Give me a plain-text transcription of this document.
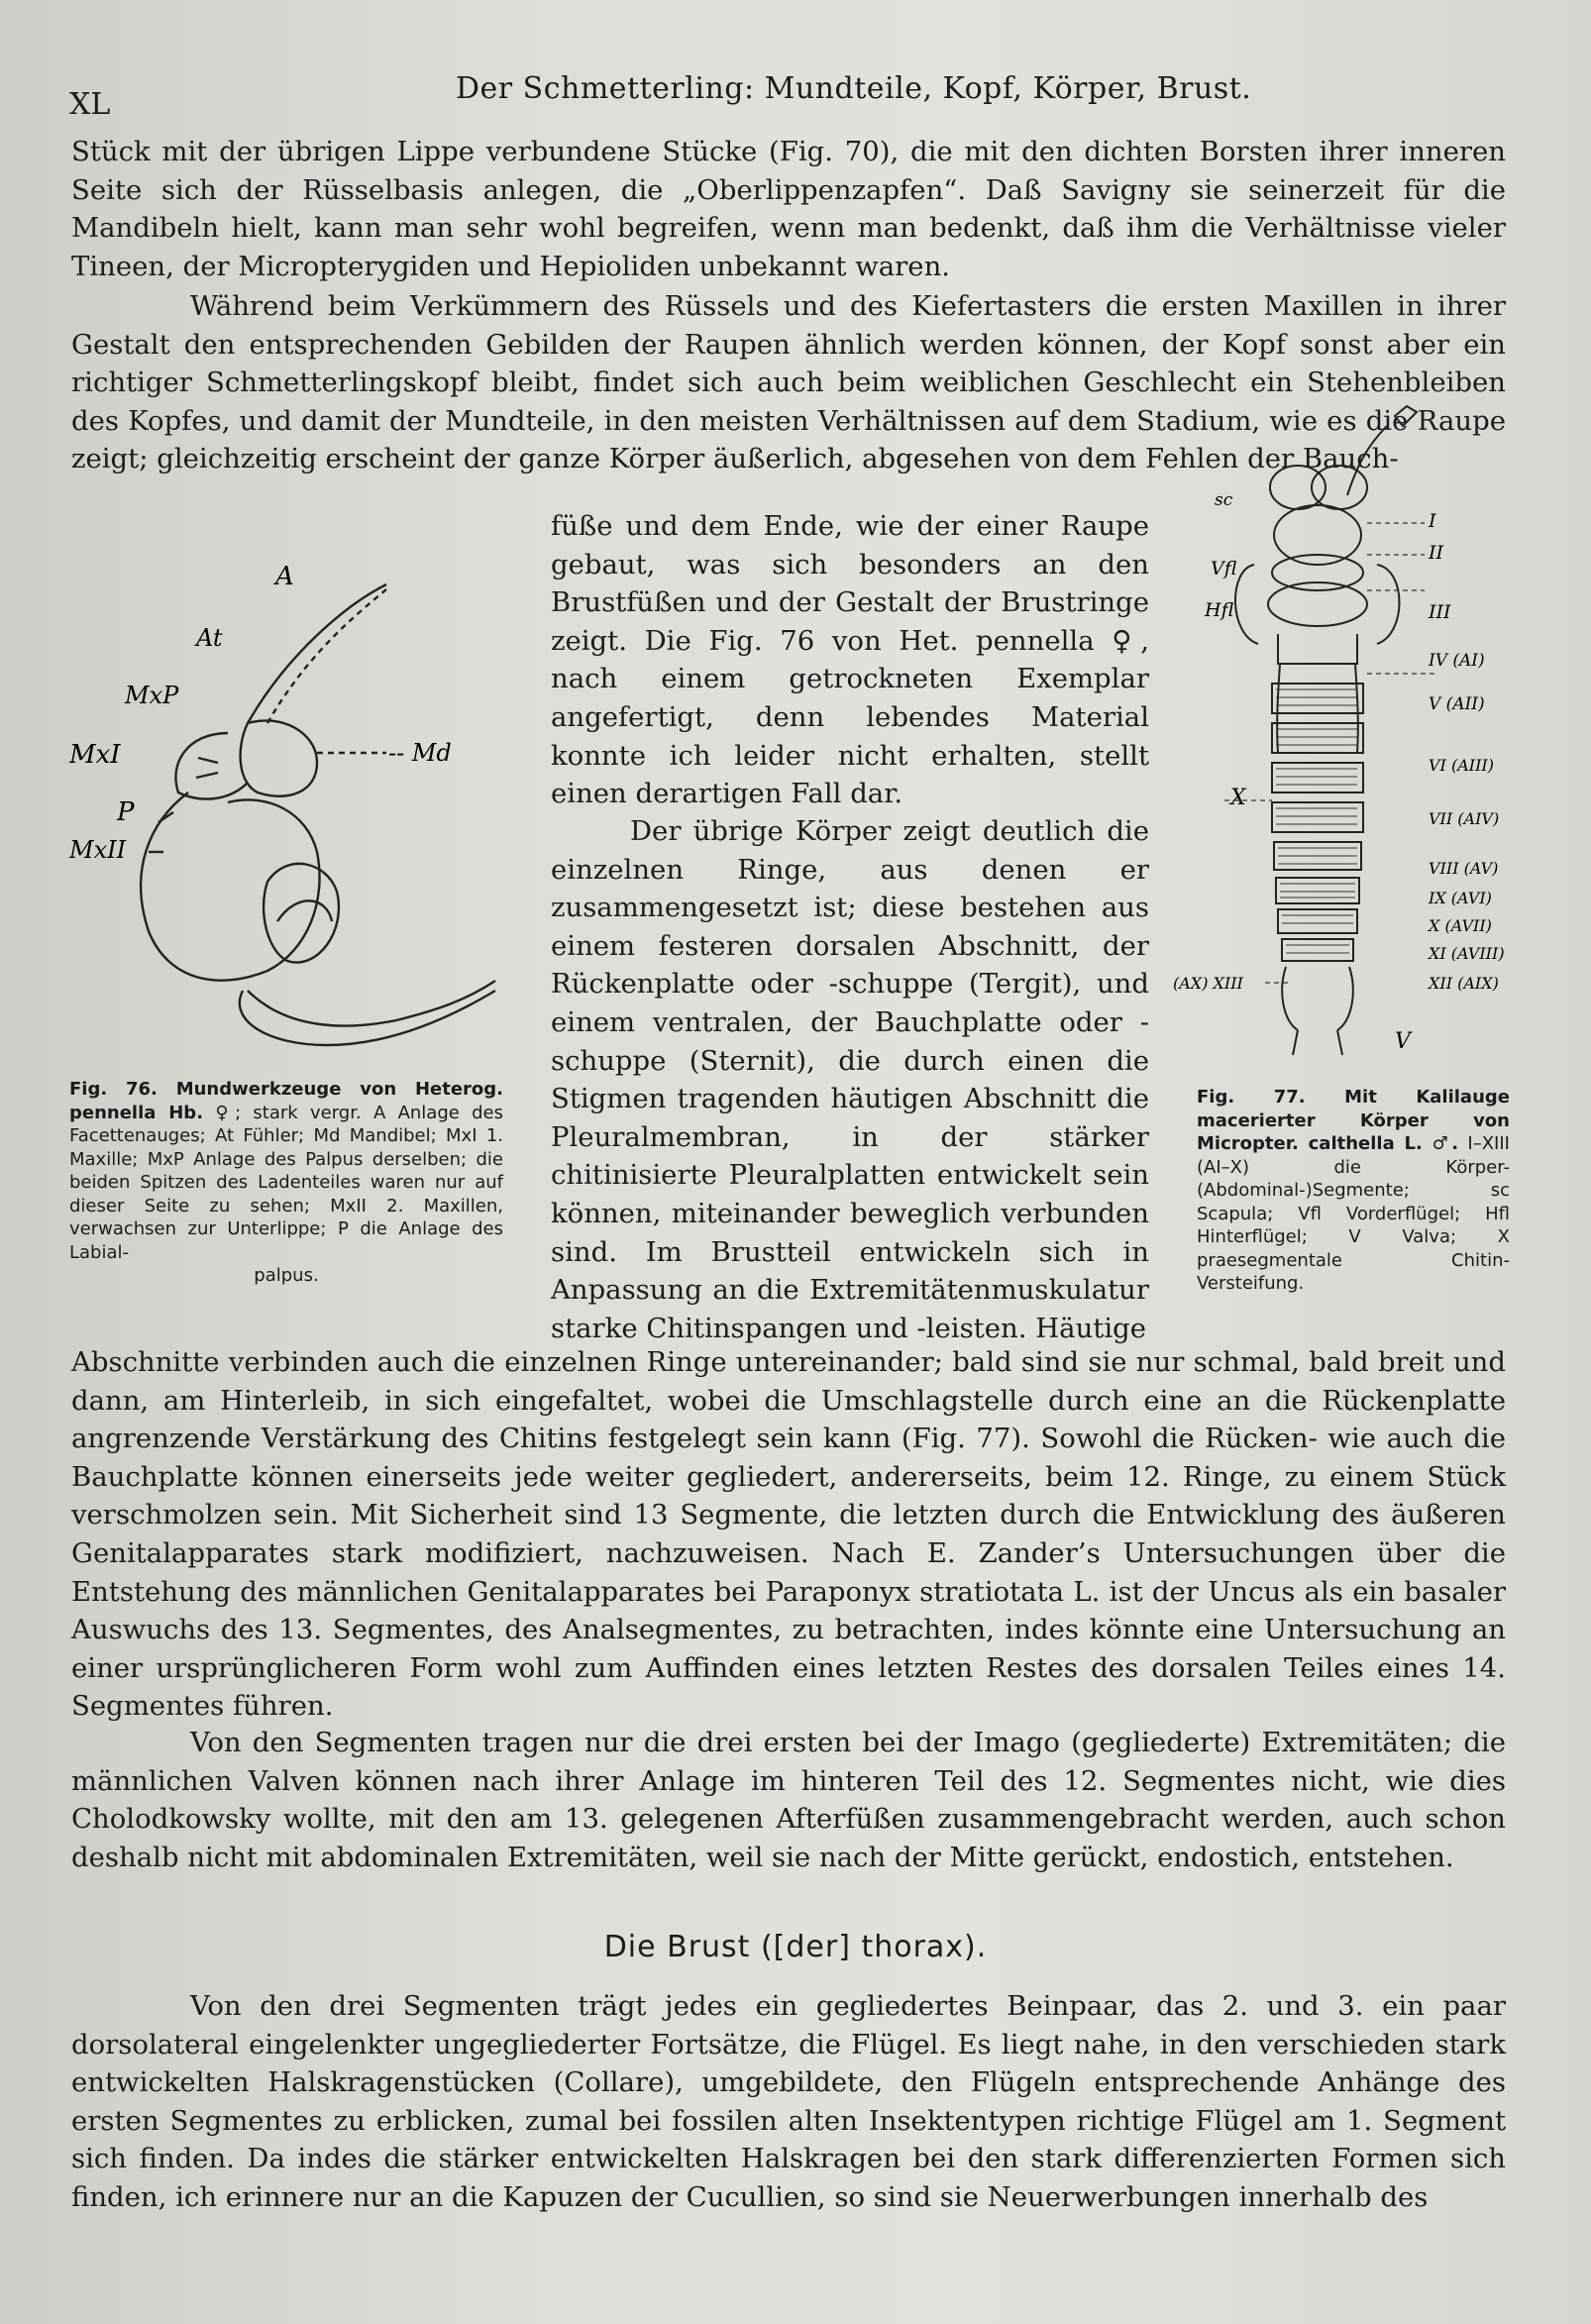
XL	Der Schmetterling: Mundteile, Kopf, Körper, Brust.

Stück mit der übrigen Lippe verbundene Stücke (Fig. 70), die mit den dichten Borsten ihrer inneren Seite sich der Rüsselbasis anlegen, die „Oberlippenzapfen“. Daß Savigny sie seinerzeit für die Mandibeln hielt, kann man sehr wohl begreifen, wenn man bedenkt, daß ihm die Verhältnisse vieler Tineen, der Micropterygiden und Hepioliden unbekannt waren.

Während beim Verkümmern des Rüssels und des Kiefertasters die ersten Maxillen in ihrer Gestalt den entsprechenden Gebilden der Raupen ähnlich werden können, der Kopf sonst aber ein richtiger Schmetterlingskopf bleibt, findet sich auch beim weiblichen Geschlecht ein Stehenbleiben des Kopfes, und damit der Mundteile, in den meisten Verhältnissen auf dem Stadium, wie es die Raupe zeigt; gleichzeitig erscheint der ganze Körper äußerlich, abgesehen von dem Fehlen der Bauch-

füße und dem Ende, wie der einer Raupe gebaut, was sich besonders an den Brustfüßen und der Gestalt der Brustringe zeigt. Die Fig. 76 von Het. pennella ♀, nach einem getrockneten Exemplar angefertigt, denn lebendes Material konnte ich leider nicht erhalten, stellt einen derartigen Fall dar.

Der übrige Körper zeigt deutlich die einzelnen Ringe, aus denen er zusammengesetzt ist; diese bestehen aus einem festeren dorsalen Abschnitt, der Rückenplatte oder -schuppe (Tergit), und einem ventralen, der Bauchplatte oder -schuppe (Sternit), die durch einen die Stigmen tragenden häutigen Abschnitt die Pleuralmembran, in der stärker chitinisierte Pleuralplatten entwickelt sein können, miteinander beweglich verbunden sind. Im Brustteil entwickeln sich in Anpassung an die Extremitätenmuskulatur starke Chitinspangen und -leisten. Häutige

Abschnitte verbinden auch die einzelnen Ringe untereinander; bald sind sie nur schmal, bald breit und dann, am Hinterleib, in sich eingefaltet, wobei die Umschlagstelle durch eine an die Rückenplatte angrenzende Verstärkung des Chitins festgelegt sein kann (Fig. 77). Sowohl die Rücken- wie auch die Bauchplatte können einerseits jede weiter gegliedert, andererseits, beim 12. Ringe, zu einem Stück verschmolzen sein. Mit Sicherheit sind 13 Segmente, die letzten durch die Entwicklung des äußeren Genitalapparates stark modifiziert, nachzuweisen. Nach E. Zander’s Untersuchungen über die Entstehung des männlichen Genitalapparates bei Paraponyx stratiotata L. ist der Uncus als ein basaler Auswuchs des 13. Segmentes, des Analsegmentes, zu betrachten, indes könnte eine Untersuchung an einer ursprünglicheren Form wohl zum Auffinden eines letzten Restes des dorsalen Teiles eines 14. Segmentes führen.

Von den Segmenten tragen nur die drei ersten bei der Imago (gegliederte) Extremitäten; die männlichen Valven können nach ihrer Anlage im hinteren Teil des 12. Segmentes nicht, wie dies Cholodkowsky wollte, mit den am 13. gelegenen Afterfüßen zusammengebracht werden, auch schon deshalb nicht mit abdominalen Extremitäten, weil sie nach der Mitte gerückt, endostich, entstehen.

Die Brust ([der] thorax).

Von den drei Segmenten trägt jedes ein gegliedertes Beinpaar, das 2. und 3. ein paar dorsolateral eingelenkter ungegliederter Fortsätze, die Flügel. Es liegt nahe, in den verschieden stark entwickelten Halskragenstücken (Collare), umgebildete, den Flügeln entsprechende Anhänge des ersten Segmentes zu erblicken, zumal bei fossilen alten Insektentypen richtige Flügel am 1. Segment sich finden. Da indes die stärker entwickelten Halskragen bei den stark differenzierten Formen sich finden, ich erinnere nur an die Kapuzen der Cucullien, so sind sie Neuerwerbungen innerhalb des

A
At
MxP
MxI	-- Md
P
MxII

Fig. 76. Mundwerkzeuge von Heterog. pennella Hb. ♀; stark vergr. A Anlage des Facettenauges; At Fühler; Md Mandibel; MxI 1. Maxille; MxP Anlage des Palpus derselben; die beiden Spitzen des Ladenteiles waren nur auf dieser Seite zu sehen; MxII 2. Maxillen, verwachsen zur Unterlippe; P die Anlage des Labial-
palpus.

sc
Vfl
Hfl
X
I
II
III
IV (AI)
V (AII)
VI (AIII)
VII (AIV)
VIII (AV)
IX (AVI)
X (AVII)
XI (AVIII)
XII (AIX)
(AX) XIII
V

Fig. 77. Mit Kalilauge macerierter Körper von Micropter. calthella L. ♂. I–XIII (AI–X) die Körper-(Abdominal-)Segmente; sc Scapula; Vfl Vorderflügel; Hfl Hinterflügel; V Valva; X praesegmentale Chitin-Versteifung.
